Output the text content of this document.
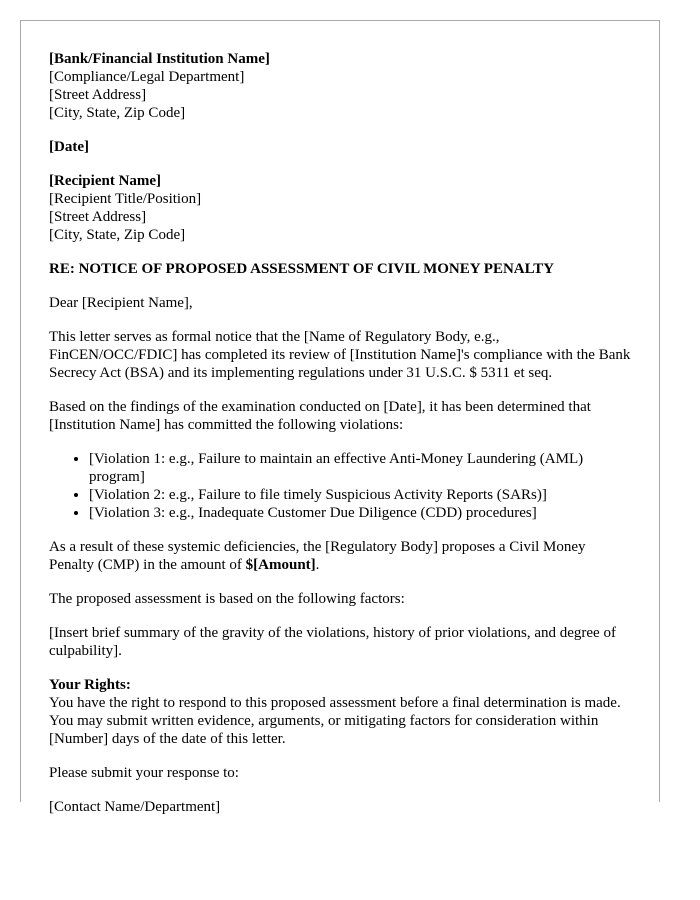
[Bank/Financial Institution Name]
[Compliance/Legal Department]
[Street Address]
[City, State, Zip Code]
[Date]
[Recipient Name]
[Recipient Title/Position]
[Street Address]
[City, State, Zip Code]

RE: NOTICE OF PROPOSED ASSESSMENT OF CIVIL MONEY PENALTY

Dear [Recipient Name],

This letter serves as formal notice that the [Name of Regulatory Body, e.g., FinCEN/OCC/FDIC] has completed its review of [Institution Name]'s compliance with the Bank Secrecy Act (BSA) and its implementing regulations under 31 U.S.C. $ 5311 et seq.

Based on the findings of the examination conducted on [Date], it has been determined that [Institution Name] has committed the following violations:

• [Violation 1: e.g., Failure to maintain an effective Anti-Money Laundering (AML) program]
• [Violation 2: e.g., Failure to file timely Suspicious Activity Reports (SARs)]
• [Violation 3: e.g., Inadequate Customer Due Diligence (CDD) procedures]

As a result of these systemic deficiencies, the [Regulatory Body] proposes a Civil Money Penalty (CMP) in the amount of $[Amount].

The proposed assessment is based on the following factors:

[Insert brief summary of the gravity of the violations, history of prior violations, and degree of culpability].

Your Rights:
You have the right to respond to this proposed assessment before a final determination is made. You may submit written evidence, arguments, or mitigating factors for consideration within [Number] days of the date of this letter.

Please submit your response to:

[Contact Name/Department]
